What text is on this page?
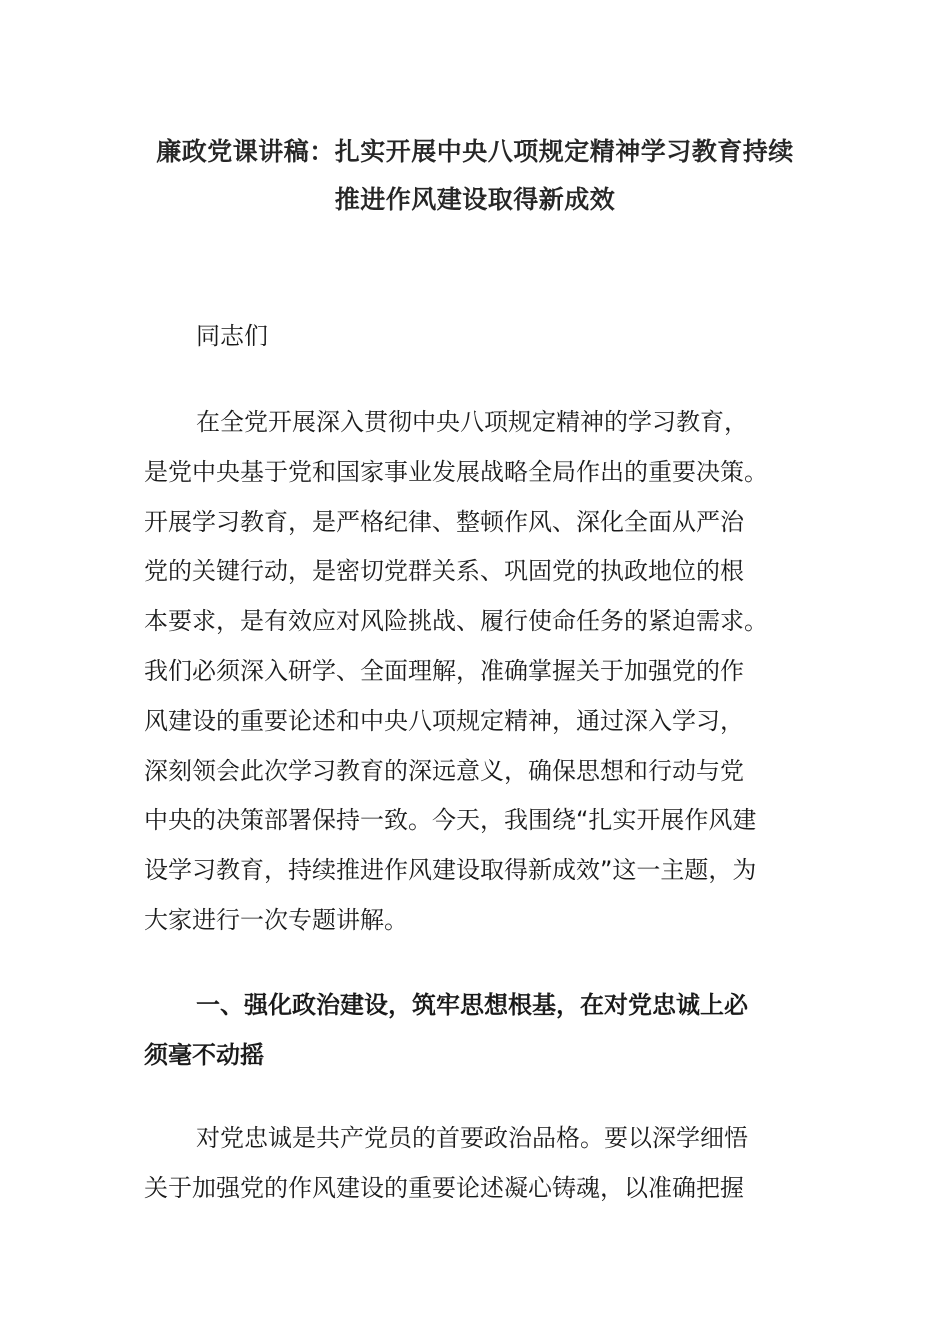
廉政党课讲稿：扎实开展中央八项规定精神学习教育持续
推进作风建设取得新成效

同志们

在全党开展深入贯彻中央八项规定精神的学习教育，
是党中央基于党和国家事业发展战略全局作出的重要决策。
开展学习教育，是严格纪律、整顿作风、深化全面从严治
党的关键行动，是密切党群关系、巩固党的执政地位的根
本要求，是有效应对风险挑战、履行使命任务的紧迫需求。
我们必须深入研学、全面理解，准确掌握关于加强党的作
风建设的重要论述和中央八项规定精神，通过深入学习，
深刻领会此次学习教育的深远意义，确保思想和行动与党
中央的决策部署保持一致。今天，我围绕“扎实开展作风建
设学习教育，持续推进作风建设取得新成效”这一主题，为
大家进行一次专题讲解。
一、强化政治建设，筑牢思想根基，在对党忠诚上必
须毫不动摇
对党忠诚是共产党员的首要政治品格。要以深学细悟
关于加强党的作风建设的重要论述凝心铸魂，以准确把握
